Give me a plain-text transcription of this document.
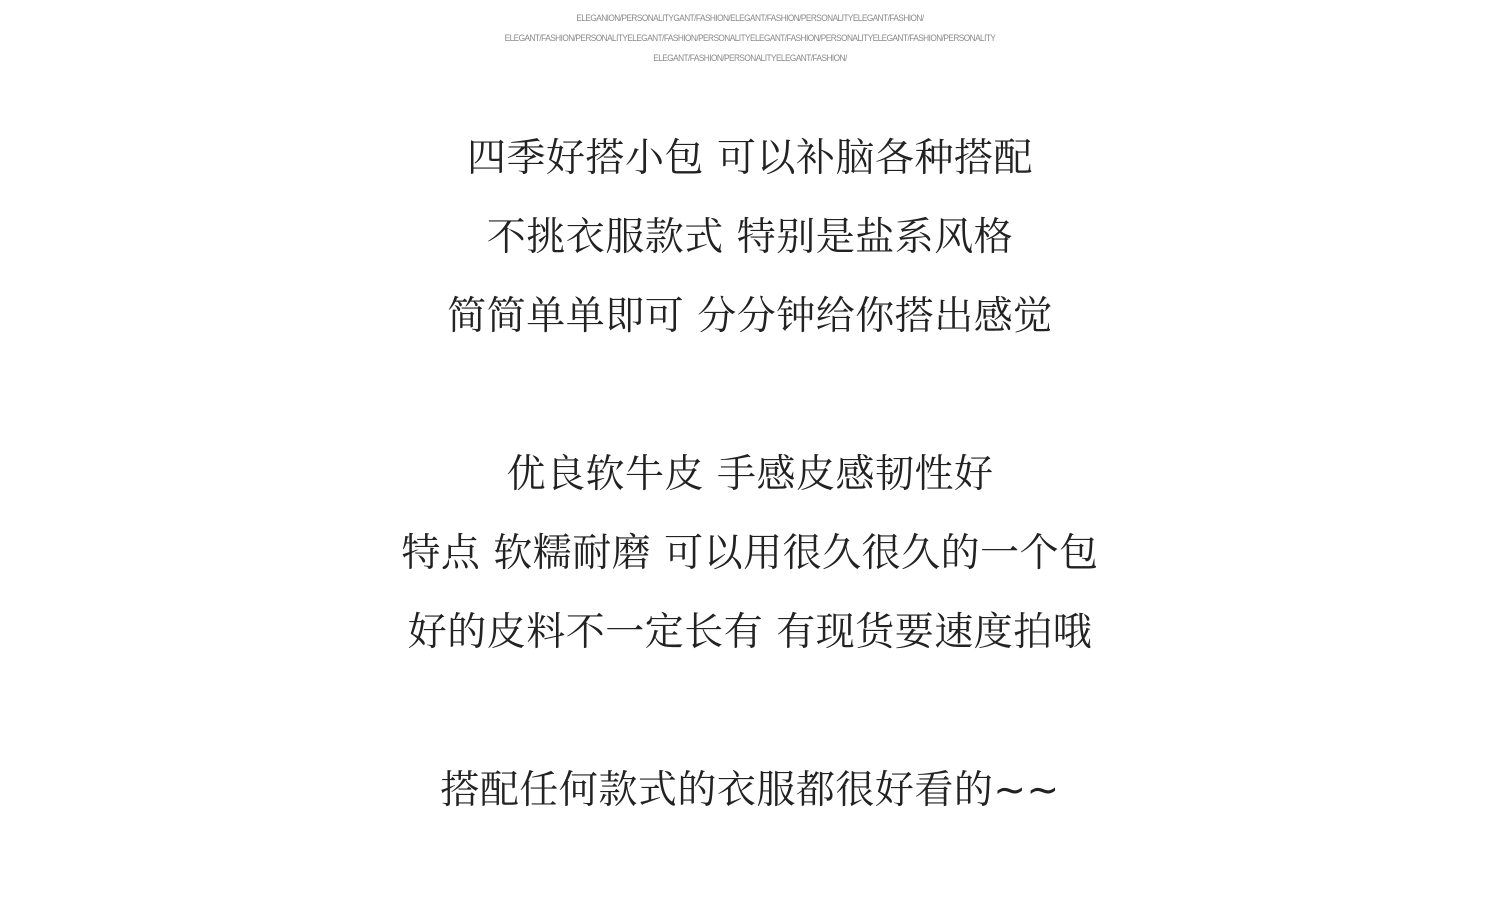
ELEGANION/PERSONALITYGANT/FASHION/ELEGANT/FASHION/PERSONALITYELEGANT/FASHION/
ELEGANT/FASHION/PERSONALITYELEGANT/FASHION/PERSONALITYELEGANT/FASHION/PERSONALITYELEGANT/FASHION/PERSONALITY
ELEGANT/FASHION/PERSONALITYELEGANT/FASHION/
四季好搭小包 可以补脑各种搭配
不挑衣服款式 特别是盐系风格
简简单单即可 分分钟给你搭出感觉
优良软牛皮 手感皮感韧性好
特点 软糯耐磨 可以用很久很久的一个包
好的皮料不一定长有 有现货要速度拍哦
搭配任何款式的衣服都很好看的~~
